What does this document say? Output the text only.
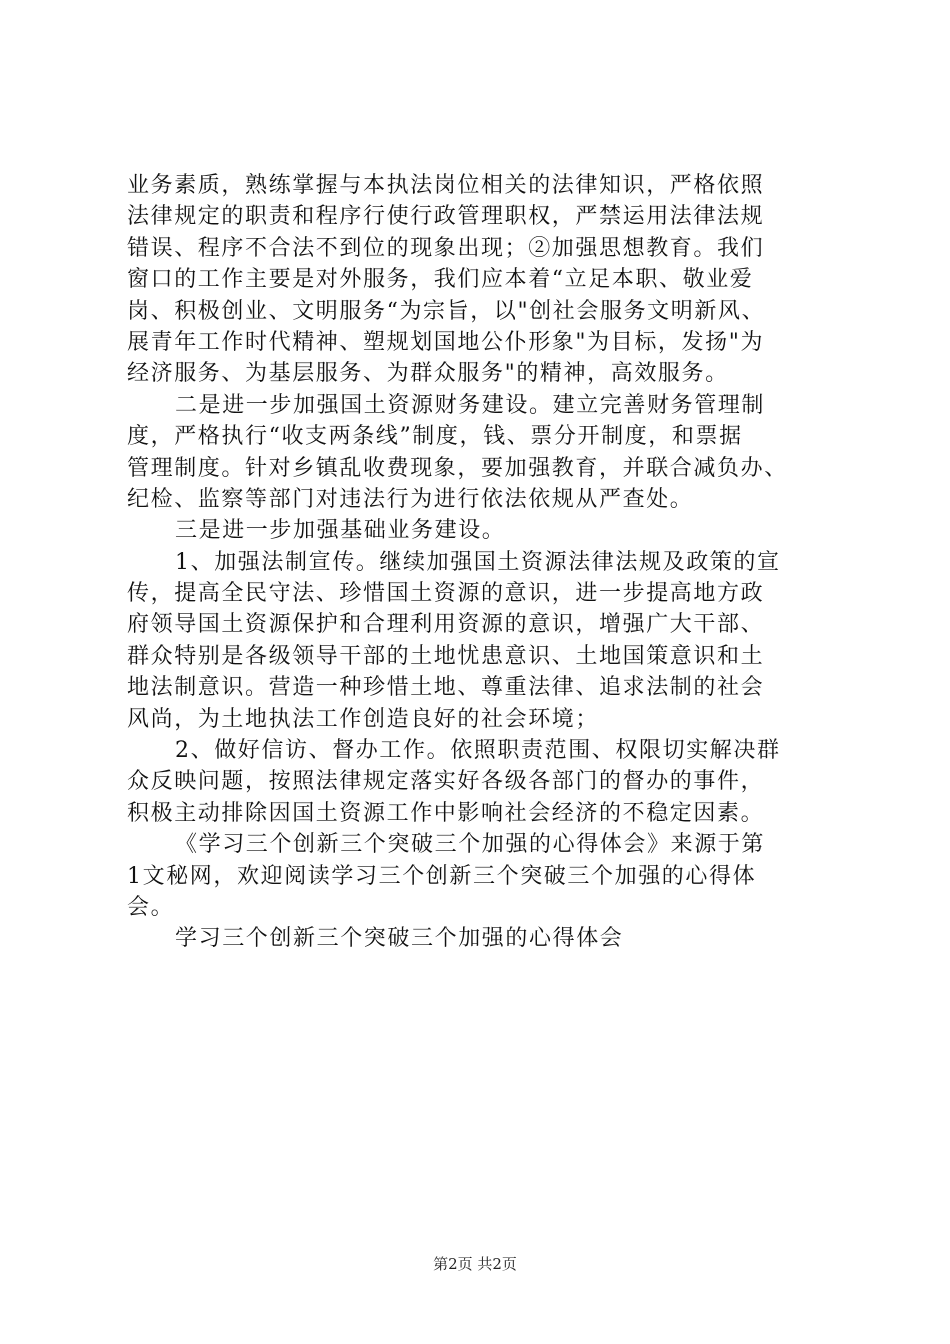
业务素质，熟练掌握与本执法岗位相关的法律知识，严格依照
法律规定的职责和程序行使行政管理职权，严禁运用法律法规
错误、程序不合法不到位的现象出现；②加强思想教育。我们
窗口的工作主要是对外服务，我们应本着“立足本职、敬业爱
岗、积极创业、文明服务“为宗旨，以"创社会服务文明新风、
展青年工作时代精神、塑规划国地公仆形象"为目标，发扬"为
经济服务、为基层服务、为群众服务"的精神，高效服务。
二是进一步加强国土资源财务建设。建立完善财务管理制
度，严格执行“收支两条线”制度，钱、票分开制度，和票据
管理制度。针对乡镇乱收费现象，要加强教育，并联合减负办、
纪检、监察等部门对违法行为进行依法依规从严查处。
三是进一步加强基础业务建设。
1、加强法制宣传。继续加强国土资源法律法规及政策的宣
传，提高全民守法、珍惜国土资源的意识，进一步提高地方政
府领导国土资源保护和合理利用资源的意识，增强广大干部、
群众特别是各级领导干部的土地忧患意识、土地国策意识和土
地法制意识。营造一种珍惜土地、尊重法律、追求法制的社会
风尚，为土地执法工作创造良好的社会环境；
2、做好信访、督办工作。依照职责范围、权限切实解决群
众反映问题，按照法律规定落实好各级各部门的督办的事件，
积极主动排除因国土资源工作中影响社会经济的不稳定因素。
《学习三个创新三个突破三个加强的心得体会》来源于第
1文秘网，欢迎阅读学习三个创新三个突破三个加强的心得体
会。
学习三个创新三个突破三个加强的心得体会
第2页 共2页
